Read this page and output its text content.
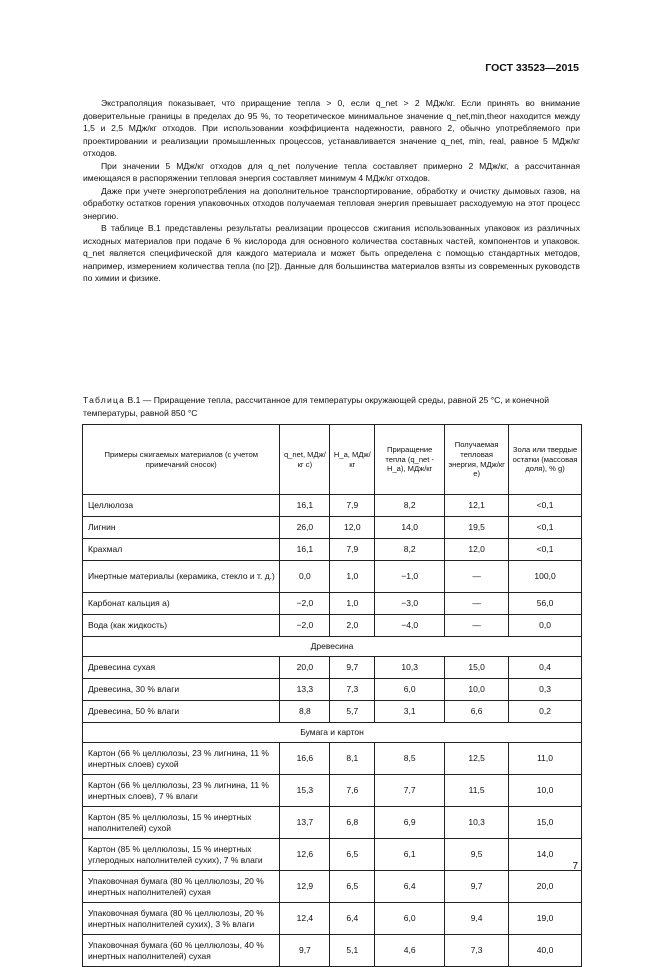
ГОСТ 33523—2015

Экстраполяция показывает, что приращение тепла > 0, если q_net > 2 МДж/кг. Если принять во внимание доверительные границы в пределах до 95 %, то теоретическое минимальное значение q_net,min,theor находится между 1,5 и 2,5 МДж/кг отходов. При использовании коэффициента надежности, равного 2, обычно употребляемого при проектировании и реализации промышленных процессов, устанавливается значение q_net, min, real, равное 5 МДж/кг отходов.

При значении 5 МДж/кг отходов для q_net получение тепла составляет примерно 2 МДж/кг, а рассчитанная имеющаяся в распоряжении тепловая энергия составляет минимум 4 МДж/кг отходов.

Даже при учете энергопотребления на дополнительное транспортирование, обработку и очистку дымовых газов, на обработку остатков горения упаковочных отходов получаемая тепловая энергия превышает расходуемую на этот процесс энергию.

В таблице В.1 представлены результаты реализации процессов сжигания использованных упаковок из различных исходных материалов при подаче 6 % кислорода для основного количества составных частей, компонентов и упаковок. q_net является специфической для каждого материала и может быть определена с помощью стандартных методов, например, измерением количества тепла (по [2]). Данные для большинства материалов взяты из современных руководств по химии и физике.

Таблица В.1 — Приращение тепла, рассчитанное для температуры окружающей среды, равной 25 °С, и конечной температуры, равной 850 °С
Примеры сжигаемых материалов (с учетом примечаний сносок)	q_net, МДж/кг c)	H_a, МДж/кг	Приращение тепла (q_net - H_a), МДж/кг	Получаемая тепловая энергия, МДж/кг e)	Зола или твердые остатки (массовая доля), % g)
Целлюлоза	16,1	7,9	8,2	12,1	<0,1
Лигнин	26,0	12,0	14,0	19,5	<0,1
Крахмал	16,1	7,9	8,2	12,0	<0,1
Инертные материалы (керамика, стекло и т. д.)	0,0	1,0	−1,0	—	100,0
Карбонат кальция а)	−2,0	1,0	−3,0	—	56,0
Вода (как жидкость)	−2,0	2,0	−4,0	—	0,0
Древесина					
Древесина сухая	20,0	9,7	10,3	15,0	0,4
Древесина, 30 % влаги	13,3	7,3	6,0	10,0	0,3
Древесина, 50 % влаги	8,8	5,7	3,1	6,6	0,2
Бумага и картон					
Картон (66 % целлюлозы, 23 % лигнина, 11 % инертных слоев) сухой	16,6	8,1	8,5	12,5	11,0
Картон (66 % целлюлозы, 23 % лигнина, 11 % инертных слоев), 7 % влаги	15,3	7,6	7,7	11,5	10,0
Картон (85 % целлюлозы, 15 % инертных наполнителей) сухой	13,7	6,8	6,9	10,3	15,0
Картон (85 % целлюлозы, 15 % инертных углеродных наполнителей сухих), 7 % влаги	12,6	6,5	6,1	9,5	14,0
Упаковочная бумага (80 % целлюлозы, 20 % инертных наполнителей) сухая	12,9	6,5	6,4	9,7	20,0
Упаковочная бумага (80 % целлюлозы, 20 % инертных наполнителей сухих), 3 % влаги	12,4	6,4	6,0	9,4	19,0
Упаковочная бумага (60 % целлюлозы, 40 % инертных наполнителей) сухая	9,7	5,1	4,6	7,3	40,0
7
